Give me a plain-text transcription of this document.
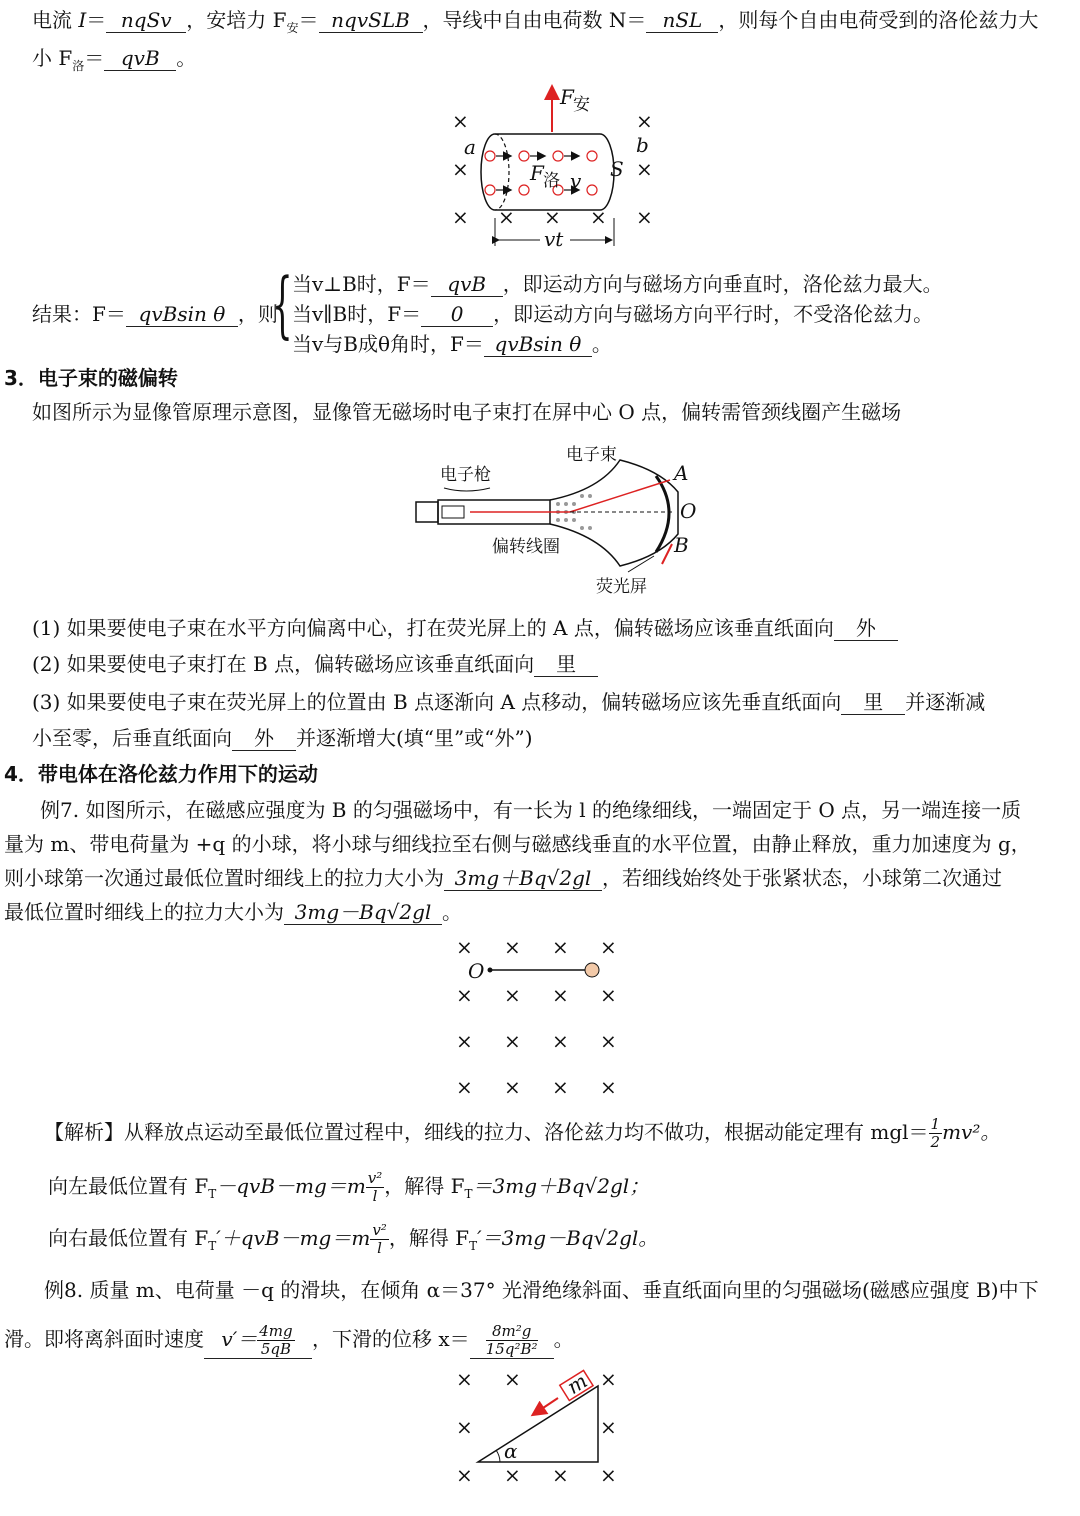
电流 I＝ nqSv ，安培力 $F_安=$ nqvSLB ，导线中自由电荷数 N＝ nSL ，则每个自由电荷受到的洛伦兹力大
小 $F_洛=$ qvB 。
×	×
×	×
×	×
× × ×
F 安
a	b
S
F 洛 v
vt
结果：F＝ qvBsin θ ，则
{ 当v⊥B时，F＝ qvB ，即运动方向与磁场方向垂直时，洛伦兹力最大。
当v∥B时，F＝ 0 ，即运动方向与磁场方向平行时，不受洛伦兹力。
当v与B成θ角时，F＝ qvBsin θ 。
3．电子束的磁偏转
如图所示为显像管原理示意图，显像管无磁场时电子束打在屏中心 O 点，偏转需管颈线圈产生磁场
电子枪
电子束
A
O
B
偏转线圈
荧光屏
(1) 如果要使电子束在水平方向偏离中心，打在荧光屏上的 A 点，偏转磁场应该垂直纸面向 外
(2) 如果要使电子束打在 B 点，偏转磁场应该垂直纸面向 里
(3) 如果要使电子束在荧光屏上的位置由 B 点逐渐向 A 点移动，偏转磁场应该先垂直纸面向 里 并逐渐减
小至零，后垂直纸面向 外 并逐渐增大(填“里”或“外”)
4．带电体在洛伦兹力作用下的运动
例7. 如图所示，在磁感应强度为 B 的匀强磁场中，有一长为 l 的绝缘细线，一端固定于 O 点，另一端连接一质
量为 m、带电荷量为 +q 的小球，将小球与细线拉至右侧与磁感线垂直的水平位置，由静止释放，重力加速度为 g，
则小球第一次通过最低位置时细线上的拉力大小为 3mg＋Bq√2gl ，若细线始终处于张紧状态，小球第二次通过
最低位置时细线上的拉力大小为 3mg－Bq√2gl 。
× × × ×
× × × ×
× × × ×
× × × ×
O
【解析】从释放点运动至最低位置过程中，细线的拉力、洛伦兹力均不做功，根据动能定理有 $mgl= \frac{1}{2} mv^2$。
向左最低位置有 $F_T-qvB-mg=m \frac{\text{v²}}{l}$ ，解得 $F_T=3mg+Bq√2gl$；
向右最低位置有 $F_T'+qvB-mg=m \frac{\text{v²}}{l}$ ，解得 $F_T'=3mg-Bq√2gl$。
例8. 质量 m、电荷量 －q 的滑块，在倾角 α＝37° 光滑绝缘斜面、垂直纸面向里的匀强磁场(磁感应强度 B)中下
滑。即将离斜面时速度 $v'= \frac{4mg}{5qB}$ ，下滑的位移 $x= \frac{\text{8m²g}}{\text{15q²B²}}$ 。
× ×	×
×	×
× × × ×
m
α
